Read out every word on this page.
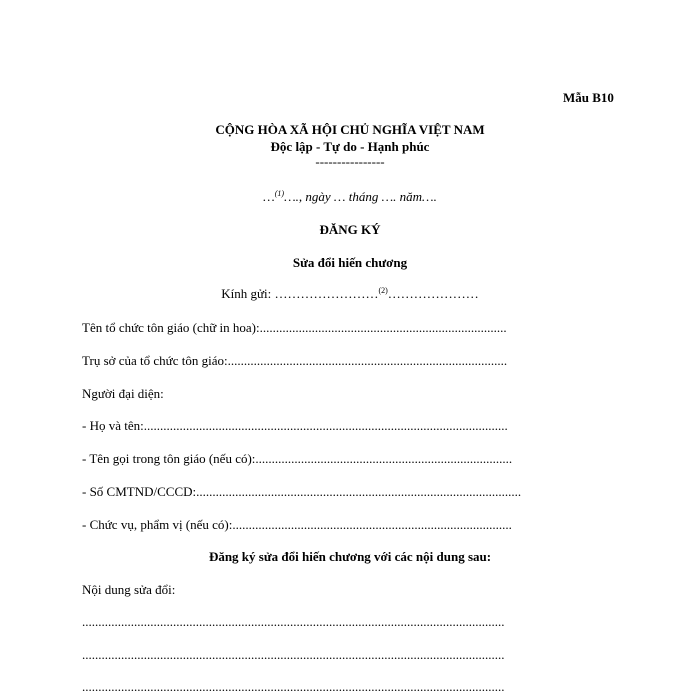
Mẫu B10
CỘNG HÒA XÃ HỘI CHỦ NGHĨA VIỆT NAM
Độc lập - Tự do - Hạnh phúc
----------------
…$^{(1)}$…., ngày … tháng …. năm….
ĐĂNG KÝ
Sửa đổi hiến chương
Kính gửi: ……………………$^{(2)}$…………………
Tên tổ chức tôn giáo (chữ in hoa):............................................................................
Trụ sở của tổ chức tôn giáo:......................................................................................
Người đại diện:
- Họ và tên:................................................................................................................
- Tên gọi trong tôn giáo (nếu có):...............................................................................
- Số CMTND/CCCD:....................................................................................................
- Chức vụ, phẩm vị (nếu có):......................................................................................
Đăng ký sửa đổi hiến chương với các nội dung sau:
Nội dung sửa đổi:
..................................................................................................................................
..................................................................................................................................
..................................................................................................................................
